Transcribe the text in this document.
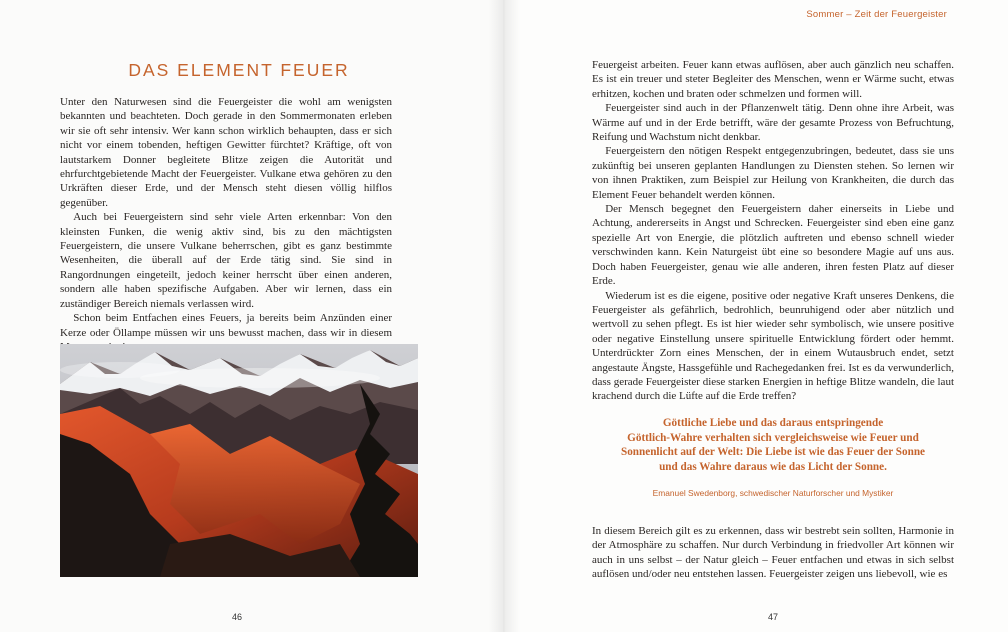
DAS ELEMENT FEUER

Unter den Naturwesen sind die Feuergeister die wohl am wenigsten bekannten und beachteten. Doch gerade in den Sommermonaten erleben wir sie oft sehr intensiv. Wer kann schon wirklich behaupten, dass er sich nicht vor einem tobenden, heftigen Gewitter fürchtet? Kräftige, oft von lautstarkem Donner begleitete Blitze zeigen die Autorität und ehrfurchtgebietende Macht der Feuergeister. Vulkane etwa gehören zu den Urkräften dieser Erde, und der Mensch steht diesen völlig hilflos gegenüber.

Auch bei Feuergeistern sind sehr viele Arten erkennbar: Von den kleinsten Funken, die wenig aktiv sind, bis zu den mächtigsten Feuergeistern, die unsere Vulkane beherrschen, gibt es ganz bestimmte Wesenheiten, die überall auf der Erde tätig sind. Sie sind in Rangordnungen eingeteilt, jedoch keiner herrscht über einen anderen, sondern alle haben spezifische Aufgaben. Aber wir lernen, dass ein zuständiger Bereich niemals verlassen wird.

Schon beim Entfachen eines Feuers, ja bereits beim Anzünden einer Kerze oder Öllampe müssen wir uns bewusst machen, dass wir in diesem

46
Sommer – Zeit der Feuergeister

Feuergeist arbeiten. Feuer kann etwas auflösen, aber auch gänzlich neu schaffen. Es ist ein treuer und steter Begleiter des Menschen, wenn er Wärme sucht, etwas erhitzen, kochen und braten oder schmelzen und formen will.

Feuergeister sind auch in der Pflanzenwelt tätig. Denn ohne ihre Arbeit, was Wärme auf und in der Erde betrifft, wäre der gesamte Prozess von Befruchtung, Reifung und Wachstum nicht denkbar.

Feuergeistern den nötigen Respekt entgegenzubringen, bedeutet, dass sie uns zukünftig bei unseren geplanten Handlungen zu Diensten stehen. So lernen wir von ihnen Praktiken, zum Beispiel zur Heilung von Krankheiten, die durch das Element Feuer behandelt werden können.

Der Mensch begegnet den Feuergeistern daher einerseits in Liebe und Achtung, andererseits in Angst und Schrecken. Feuergeister sind eben eine ganz spezielle Art von Energie, die plötzlich auftreten und ebenso schnell wieder verschwinden kann. Kein Naturgeist übt eine so besondere Magie auf uns aus. Doch haben Feuergeister, genau wie alle anderen, ihren festen Platz auf dieser Erde.

Wiederum ist es die eigene, positive oder negative Kraft unseres Denkens, die Feuergeister als gefährlich, bedrohlich, beunruhigend oder aber nützlich und wertvoll zu sehen pflegt. Es ist hier wieder sehr symbolisch, wie unsere positive oder negative Einstellung unsere spirituelle Entwicklung fördert oder hemmt. Unterdrückter Zorn eines Menschen, der in einem Wutausbruch endet, setzt angestaute Ängste, Hassgefühle und Rachegedanken frei. Ist es da verwunderlich, dass gerade Feuergeister diese starken Energien in heftige Blitze wandeln, die laut krachend durch die Lüfte auf die Erde treffen?

Göttliche Liebe und das daraus entspringende
Göttlich-Wahre verhalten sich vergleichsweise wie Feuer und
Sonnenlicht auf der Welt: Die Liebe ist wie das Feuer der Sonne
und das Wahre daraus wie das Licht der Sonne.
Emanuel Swedenborg, schwedischer Naturforscher und Mystiker

In diesem Bereich gilt es zu erkennen, dass wir bestrebt sein sollten, Harmonie in der Atmosphäre zu schaffen. Nur durch Verbindung in friedvoller Art können wir auch in uns selbst – der Natur gleich – Feuer entfachen und etwas in sich selbst auflösen und/oder neu entstehen lassen. Feuergeister zeigen uns liebevoll, wie es

47
